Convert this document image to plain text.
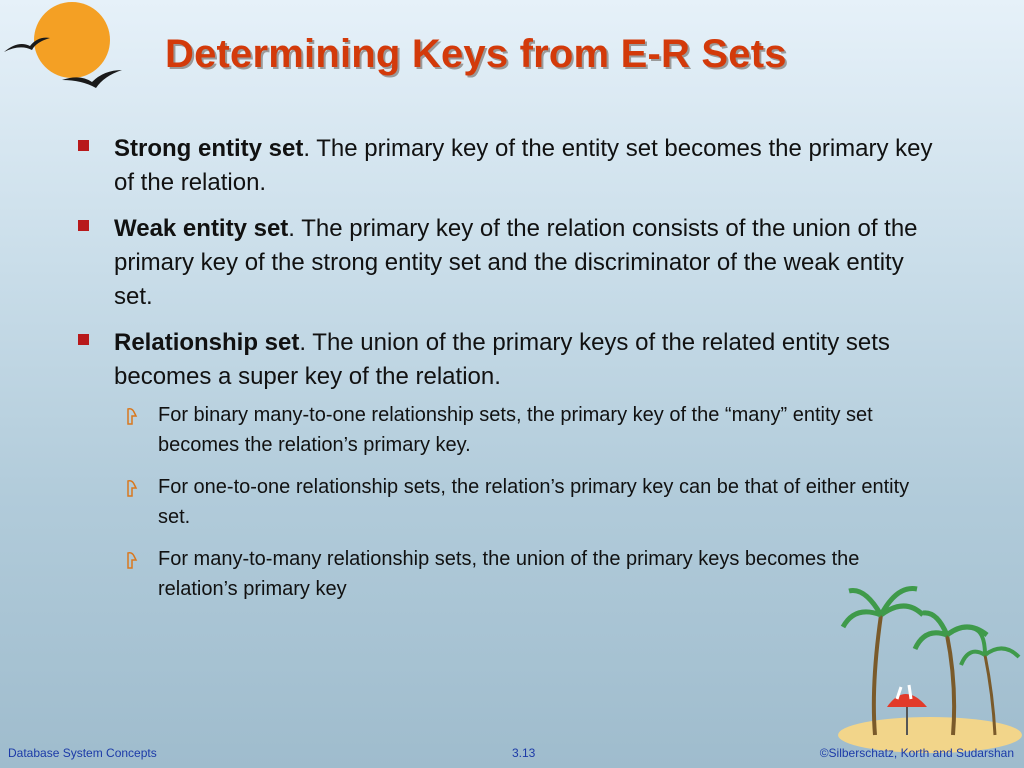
Determining Keys from E-R Sets
Strong entity set. The primary key of the entity set becomes the primary key of the relation.
Weak entity set. The primary key of the relation consists of the union of the primary key of the strong entity set and the discriminator of the weak entity set.
Relationship set. The union of the primary keys of the related entity sets becomes a super key of the relation.
For binary many-to-one relationship sets, the primary key of the “many” entity set becomes the relation’s primary key.
For one-to-one relationship sets, the relation’s primary key can be that of either entity set.
For many-to-many relationship sets, the union of the primary keys becomes the relation’s primary key
Database System Concepts	3.13	©Silberschatz, Korth and Sudarshan
